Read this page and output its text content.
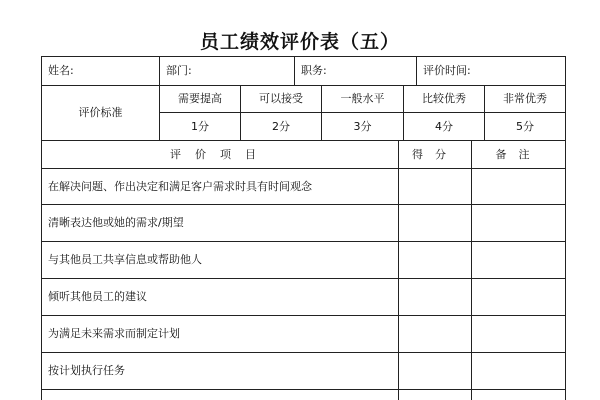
员工绩效评价表（五）
姓名:	部门:	职务:	评价时间:
评价标准
需要提高	可以接受	一般水平	比较优秀	非常优秀
1分	2分	3分	4分	5分
评价项目	得分	备注
在解决问题、作出决定和满足客户需求时具有时间观念
清晰表达他或她的需求/期望
与其他员工共享信息或帮助他人
倾听其他员工的建议
为满足未来需求而制定计划
按计划执行任务
